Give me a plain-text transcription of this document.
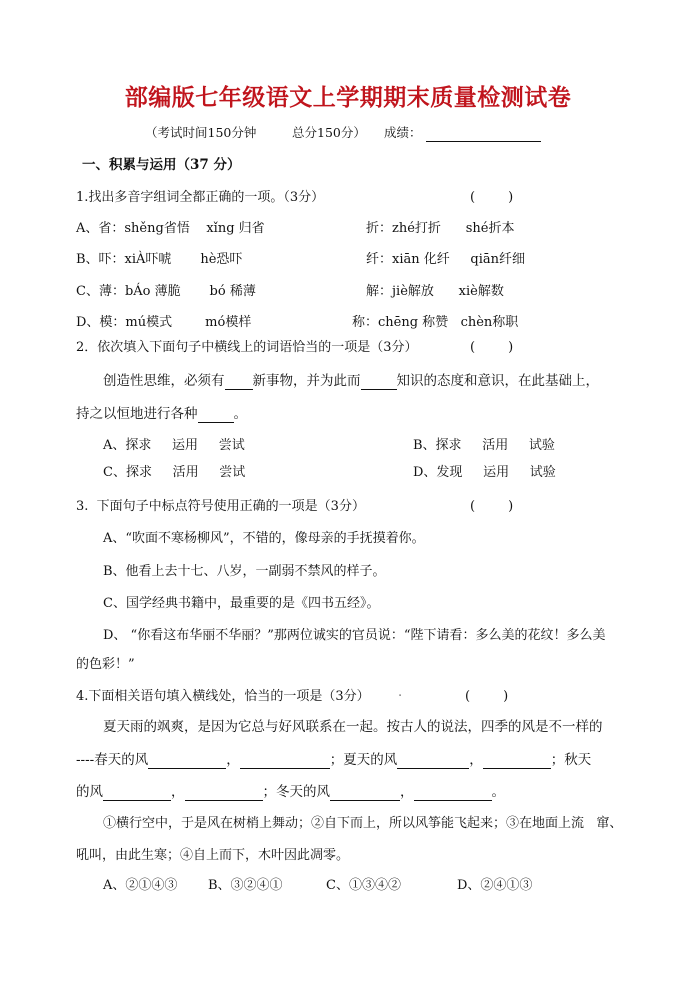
部编版七年级语文上学期期末质量检测试卷
（考试时间150分钟	总分150分） 成绩：
一、积累与运用（37 分）
1.找出多音字组词全都正确的一项。（3分）	(        )
A、省：shěng省悟    xǐng 归省	折：zhé打折      shé折本
B、吓：xiÀ吓唬       hè恐吓	纤：xiān 化纤     qiān纤细
C、薄：bÁo 薄脆       bó 稀薄	解：jiè解放      xiè解数
D、模：mú模式        mó模样	称：chēng 称赞   chèn称职
2．依次填入下面句子中横线上的词语恰当的一项是（3分）	(        )
创造性思维，必须有 新事物，并为此而	知识的态度和意识，在此基础上，
持之以恒地进行各种	。
A、探求     运用     尝试	B、探求     活用     试验
C、探求     活用     尝试	D、发现     运用     试验
3.  下面句子中标点符号使用正确的一项是（3分）	(        )
A、“吹面不寒杨柳风”，不错的，像母亲的手抚摸着你。
B、他看上去十七、八岁，一副弱不禁风的样子。
C、国学经典书籍中，最重要的是《四书五经》。
D、 “你看这布华丽不华丽？”那两位诚实的官员说：“陛下请看：多么美的花纹！多么美
的色彩！”
4.下面相关语句填入横线处，恰当的一项是（3分） .	(        )
夏天雨的飒爽，是因为它总与好风联系在一起。按古人的说法，四季的风是不一样的
----春天的风	，	；夏天的风	，	；秋天
的风	，	；冬天的风	，	。
①横行空中，于是风在树梢上舞动；②自下而上，所以风筝能飞起来；③在地面上流   窜、
吼叫，由此生寒；④自上而下，木叶因此凋零。
A、②①④③ B、③②④①	C、①③④②	D、②④①③
